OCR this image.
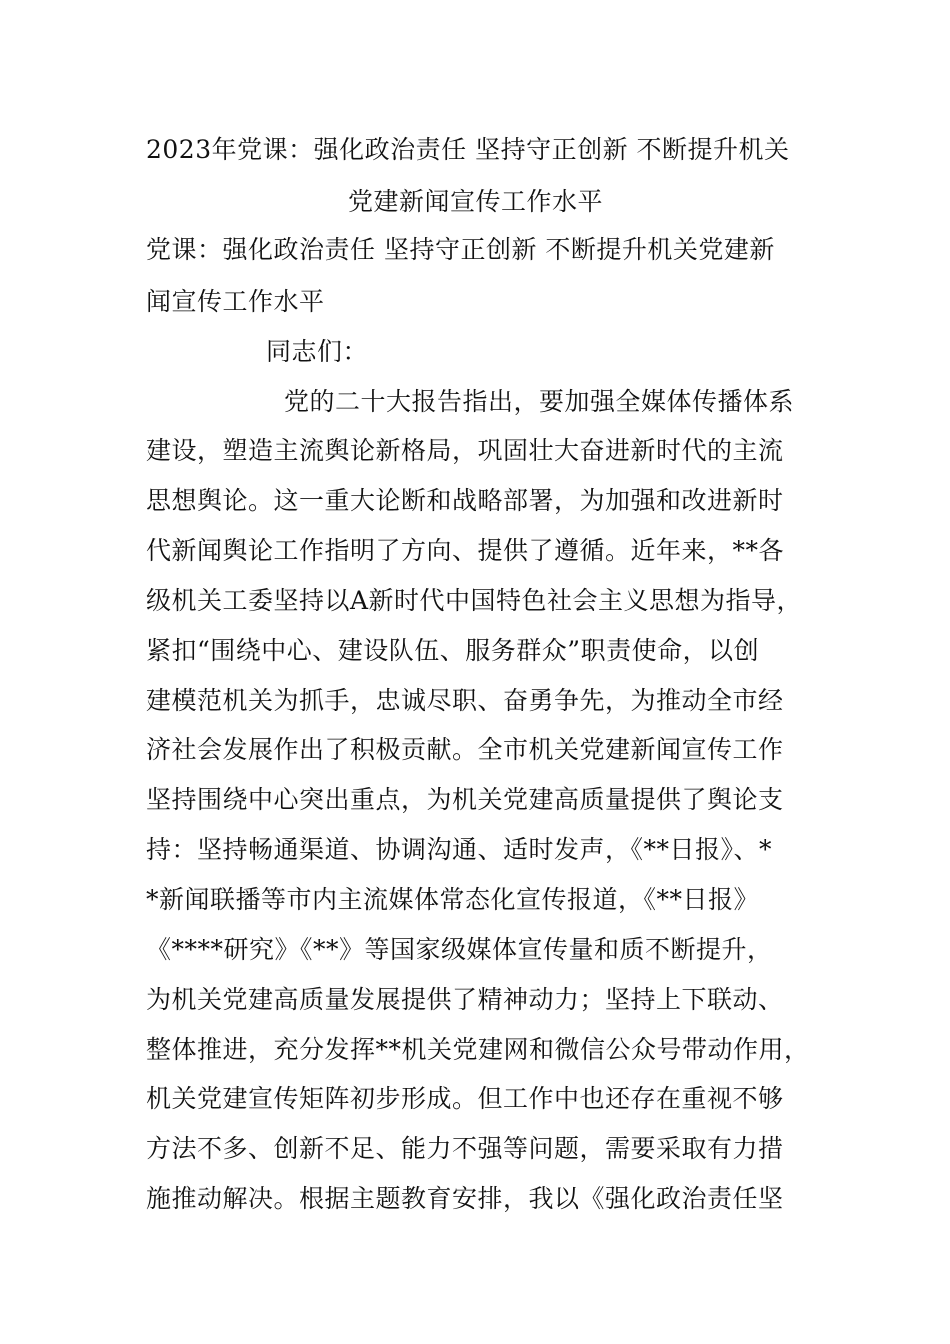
2023年党课：强化政治责任 坚持守正创新 不断提升机关
党建新闻宣传工作水平
党课：强化政治责任 坚持守正创新 不断提升机关党建新
闻宣传工作水平
同志们：
党的二十大报告指出，要加强全媒体传播体系
建设，塑造主流舆论新格局，巩固壮大奋进新时代的主流
思想舆论。这一重大论断和战略部署，为加强和改进新时
代新闻舆论工作指明了方向、提供了遵循。近年来，**各
级机关工委坚持以A新时代中国特色社会主义思想为指导，
紧扣“围绕中心、建设队伍、服务群众”职责使命，以创
建模范机关为抓手，忠诚尽职、奋勇争先，为推动全市经
济社会发展作出了积极贡献。全市机关党建新闻宣传工作
坚持围绕中心突出重点，为机关党建高质量提供了舆论支
持：坚持畅通渠道、协调沟通、适时发声，《**日报》、*
*新闻联播等市内主流媒体常态化宣传报道，《**日报》
《****研究》《**》等国家级媒体宣传量和质不断提升，
为机关党建高质量发展提供了精神动力；坚持上下联动、
整体推进，充分发挥**机关党建网和微信公众号带动作用，
机关党建宣传矩阵初步形成。但工作中也还存在重视不够
方法不多、创新不足、能力不强等问题，需要采取有力措
施推动解决。根据主题教育安排，我以《强化政治责任坚
